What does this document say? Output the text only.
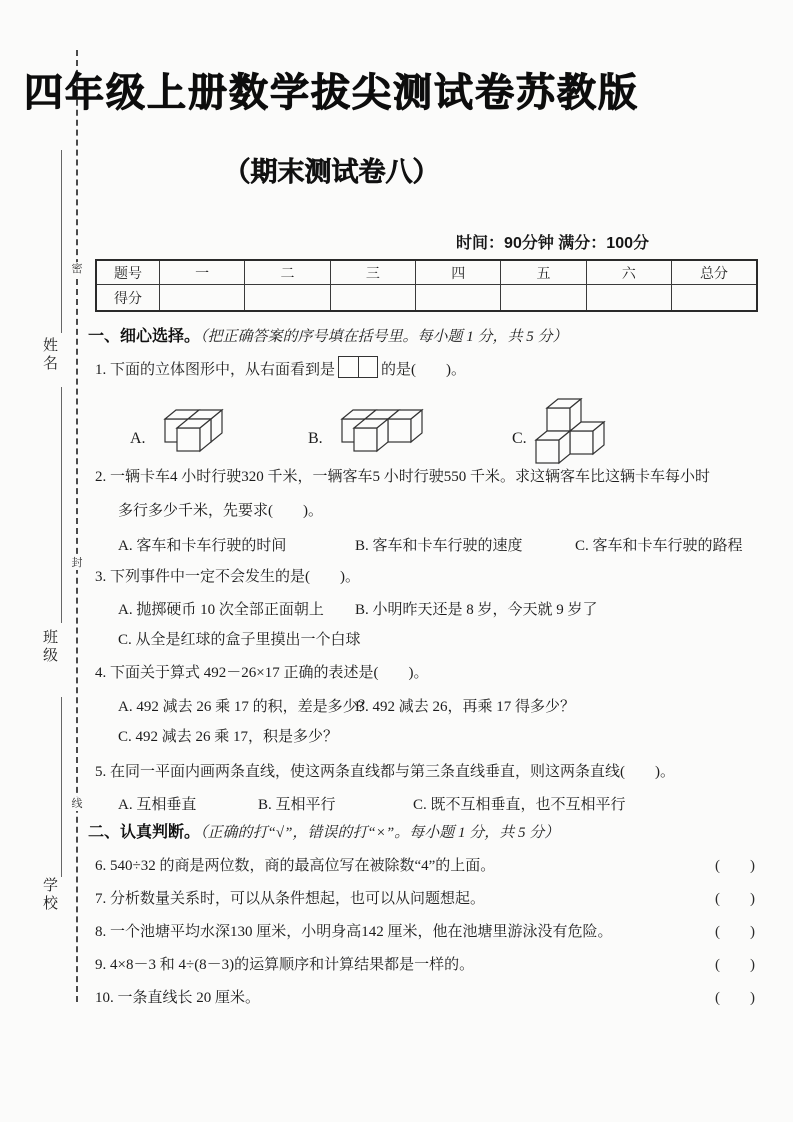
密
封
线
姓名
班级
学校
四年级上册数学拔尖测试卷苏教版
（期末测试卷八）
时间：90分钟 满分：100分
题号	一	二	三	四	五	六	总分
得分							
一、细心选择。（把正确答案的序号填在括号里。每小题 1 分，共 5 分）
1. 下面的立体图形中，从右面看到是	的是(　　)。
A.	B.	C.
2. 一辆卡车4 小时行驶320 千米，一辆客车5 小时行驶550 千米。求这辆客车比这辆卡车每小时
多行多少千米，先要求(　　)。
A. 客车和卡车行驶的时间	B. 客车和卡车行驶的速度	C. 客车和卡车行驶的路程
3. 下列事件中一定不会发生的是(　　)。
A. 抛掷硬币 10 次全部正面朝上 B. 小明昨天还是 8 岁，今天就 9 岁了
C. 从全是红球的盒子里摸出一个白球
4. 下面关于算式 492－26×17 正确的表述是(　　)。
A. 492 减去 26 乘 17 的积，差是多少？
B. 492 减去 26，再乘 17 得多少？
C. 492 减去 26 乘 17，积是多少？
5. 在同一平面内画两条直线，使这两条直线都与第三条直线垂直，则这两条直线(　　)。
A. 互相垂直	B. 互相平行	C. 既不互相垂直，也不互相平行
二、认真判断。（正确的打“√”，错误的打“×”。每小题 1 分，共 5 分）
6. 540÷32 的商是两位数，商的最高位写在被除数“4”的上面。	(　　)
7. 分析数量关系时，可以从条件想起，也可以从问题想起。	(　　)
8. 一个池塘平均水深130 厘米，小明身高142 厘米，他在池塘里游泳没有危险。	(　　)
9. 4×8－3 和 4÷(8－3)的运算顺序和计算结果都是一样的。	(　　)
10. 一条直线长 20 厘米。	(　　)
